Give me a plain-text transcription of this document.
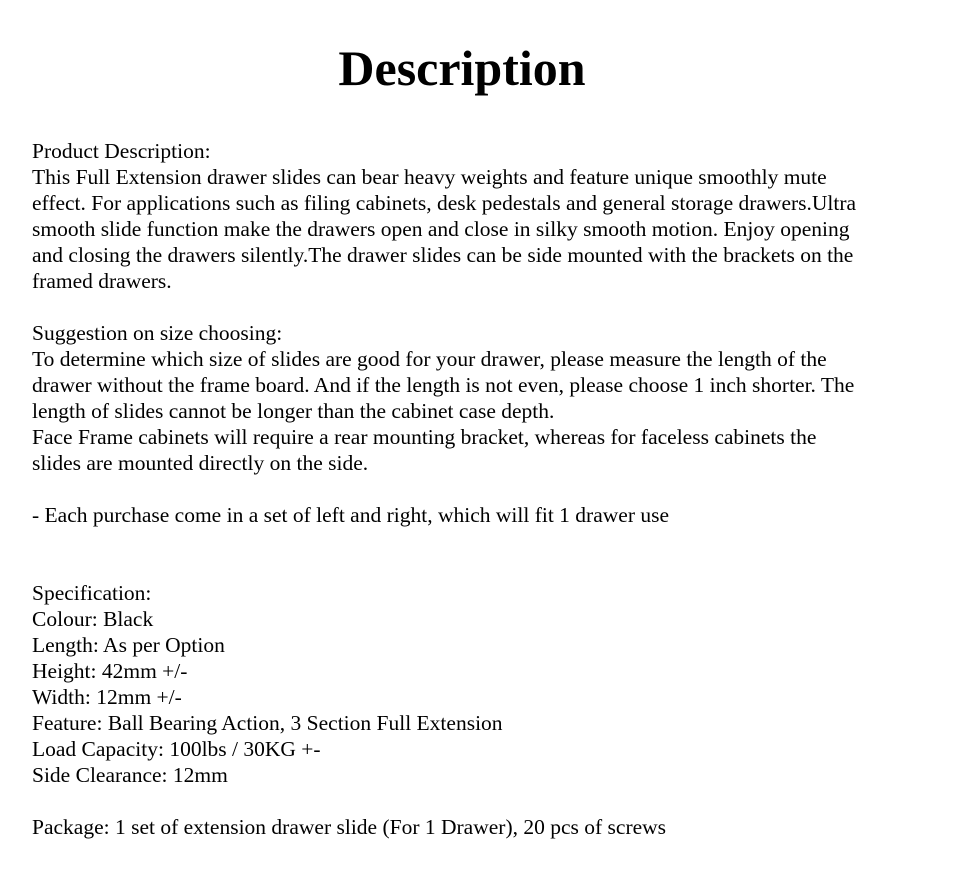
Description
Product Description:
This Full Extension drawer slides can bear heavy weights and feature unique smoothly mute
effect. For applications such as filing cabinets, desk pedestals and general storage drawers.Ultra
smooth slide function make the drawers open and close in silky smooth motion. Enjoy opening
and closing the drawers silently.The drawer slides can be side mounted with the brackets on the
framed drawers.
Suggestion on size choosing:
To determine which size of slides are good for your drawer, please measure the length of the
drawer without the frame board. And if the length is not even, please choose 1 inch shorter. The
length of slides cannot be longer than the cabinet case depth.
Face Frame cabinets will require a rear mounting bracket, whereas for faceless cabinets the
slides are mounted directly on the side.
- Each purchase come in a set of left and right, which will fit 1 drawer use
Specification:
Colour: Black
Length: As per Option
Height: 42mm +/-
Width: 12mm +/-
Feature: Ball Bearing Action, 3 Section Full Extension
Load Capacity: 100lbs / 30KG +-
Side Clearance: 12mm
Package: 1 set of extension drawer slide (For 1 Drawer), 20 pcs of screws
